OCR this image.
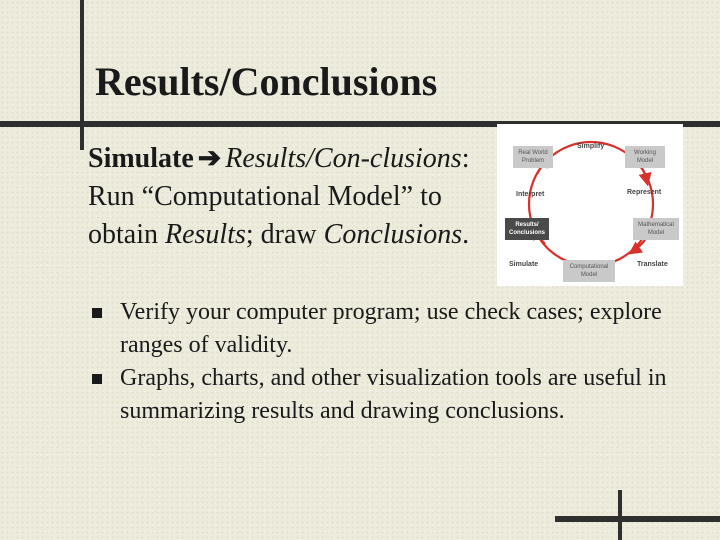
Results/Conclusions
Simulate ➔ Results/Con-clusions: Run “Computational Model” to obtain Results; draw Conclusions.
Real World
Problem
Simplify
Working
Model
Interpret	Represent
Results/
Conclusions
Mathematical
Model
Simulate	Computational
Model
Translate
Verify your computer program; use check cases; explore ranges of validity.
Graphs, charts, and other visualization tools are useful in summarizing results and drawing conclusions.
